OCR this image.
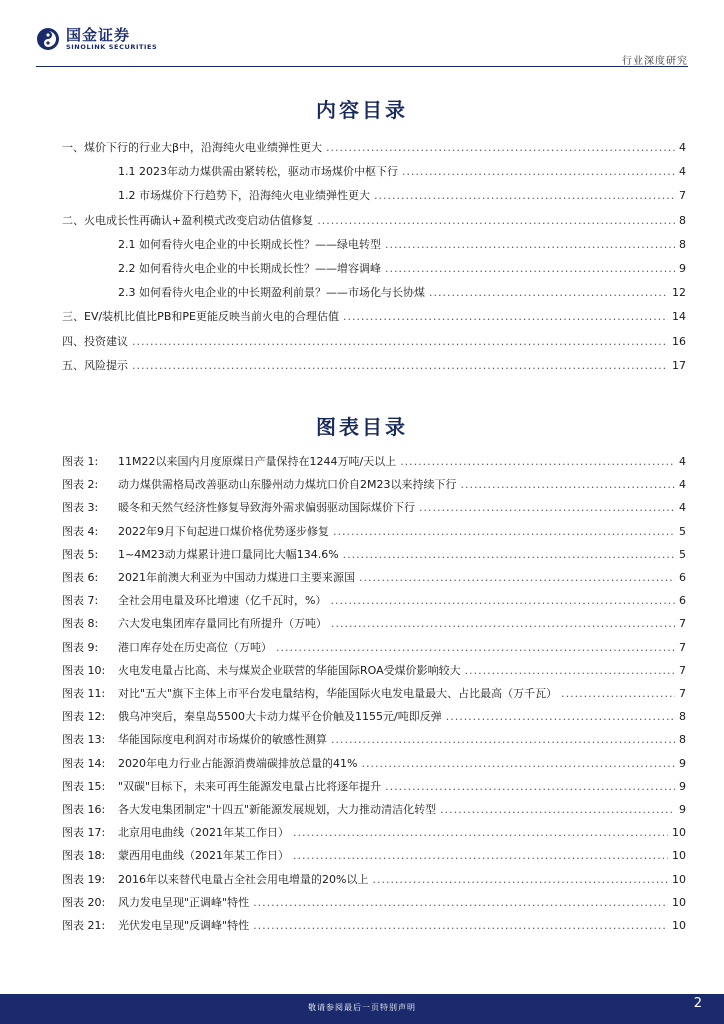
国金证券
SINOLINK SECURITIES
行业深度研究
内容目录
一、煤价下行的行业大β中，沿海纯火电业绩弹性更大 .....	4
1.1 2023年动力煤供需由紧转松，驱动市场煤价中枢下行 .....	4
1.2 市场煤价下行趋势下，沿海纯火电业绩弹性更大 .....	7
二、火电成长性再确认+盈利模式改变启动估值修复 .....	8
2.1 如何看待火电企业的中长期成长性？——绿电转型 .....	8
2.2 如何看待火电企业的中长期成长性？——增容调峰 .....	9
2.3 如何看待火电企业的中长期盈利前景？——市场化与长协煤 .....	12
三、EV/装机比值比PB和PE更能反映当前火电的合理估值 .....	14
四、投资建议 .....	16
五、风险提示 .....	17
图表目录
图表 1:	11M22以来国内月度原煤日产量保持在1244万吨/天以上 .....	4
图表 2:	动力煤供需格局改善驱动山东滕州动力煤坑口价自2M23以来持续下行 .....	4
图表 3:	暖冬和天然气经济性修复导致海外需求偏弱驱动国际煤价下行 .....	4
图表 4:	2022年9月下旬起进口煤价格优势逐步修复 .....	5
图表 5:	1~4M23动力煤累计进口量同比大幅134.6% .....	5
图表 6:	2021年前澳大利亚为中国动力煤进口主要来源国 .....	6
图表 7:	全社会用电量及环比增速（亿千瓦时，%） .....	6
图表 8:	六大发电集团库存量同比有所提升（万吨） .....	7
图表 9:	港口库存处在历史高位（万吨） .....	7
图表 10:	火电发电量占比高、未与煤炭企业联营的华能国际ROA受煤价影响较大 .....	7
图表 11:	对比"五大"旗下主体上市平台发电量结构，华能国际火电发电量最大、占比最高（万千瓦） .....	7
图表 12:	俄乌冲突后，秦皇岛5500大卡动力煤平仓价触及1155元/吨即反弹 .....	8
图表 13:	华能国际度电利润对市场煤价的敏感性测算 .....	8
图表 14:	2020年电力行业占能源消费端碳排放总量的41% .....	9
图表 15:	"双碳"目标下，未来可再生能源发电量占比将逐年提升 .....	9
图表 16:	各大发电集团制定"十四五"新能源发展规划，大力推动清洁化转型 .....	9
图表 17:	北京用电曲线（2021年某工作日） .....	10
图表 18:	蒙西用电曲线（2021年某工作日） .....	10
图表 19:	2016年以来替代电量占全社会用电增量的20%以上 .....	10
图表 20:	风力发电呈现"正调峰"特性 .....	10
图表 21:	光伏发电呈现"反调峰"特性 .....	10
敬请参阅最后一页特别声明	2
